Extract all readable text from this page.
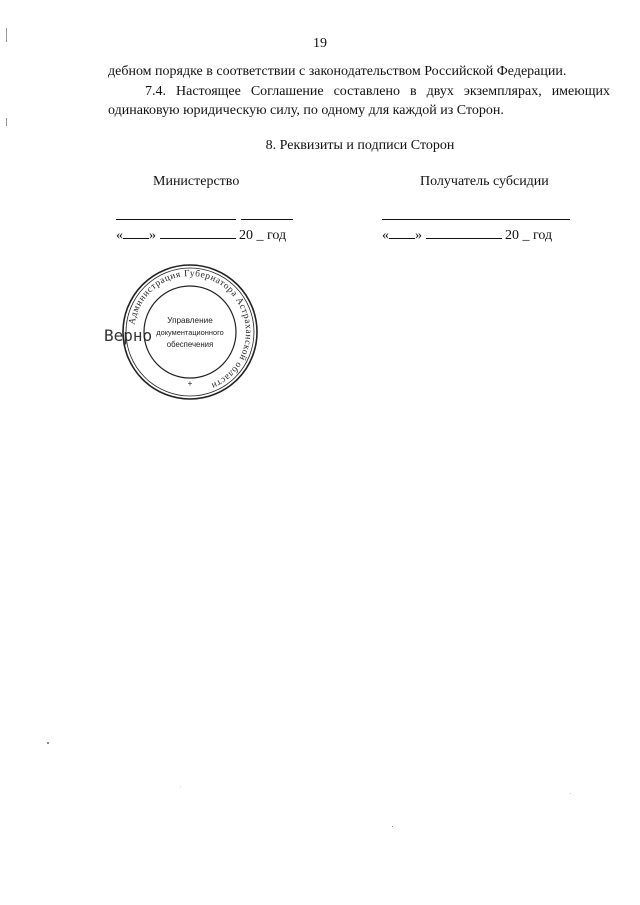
19
дебном порядке в соответствии с законодательством Российской Федерации.
7.4. Настоящее Соглашение составлено в двух экземплярах, имеющих
одинаковую юридическую силу, по одному для каждой из Сторон.
8. Реквизиты и подписи Сторон
Министерство	Получатель субсидии
« »	20 _ год	« »	20 _ год
Верно
Администрация Губернатора Астраханской области
Управление
документационного
обеспечения
+
